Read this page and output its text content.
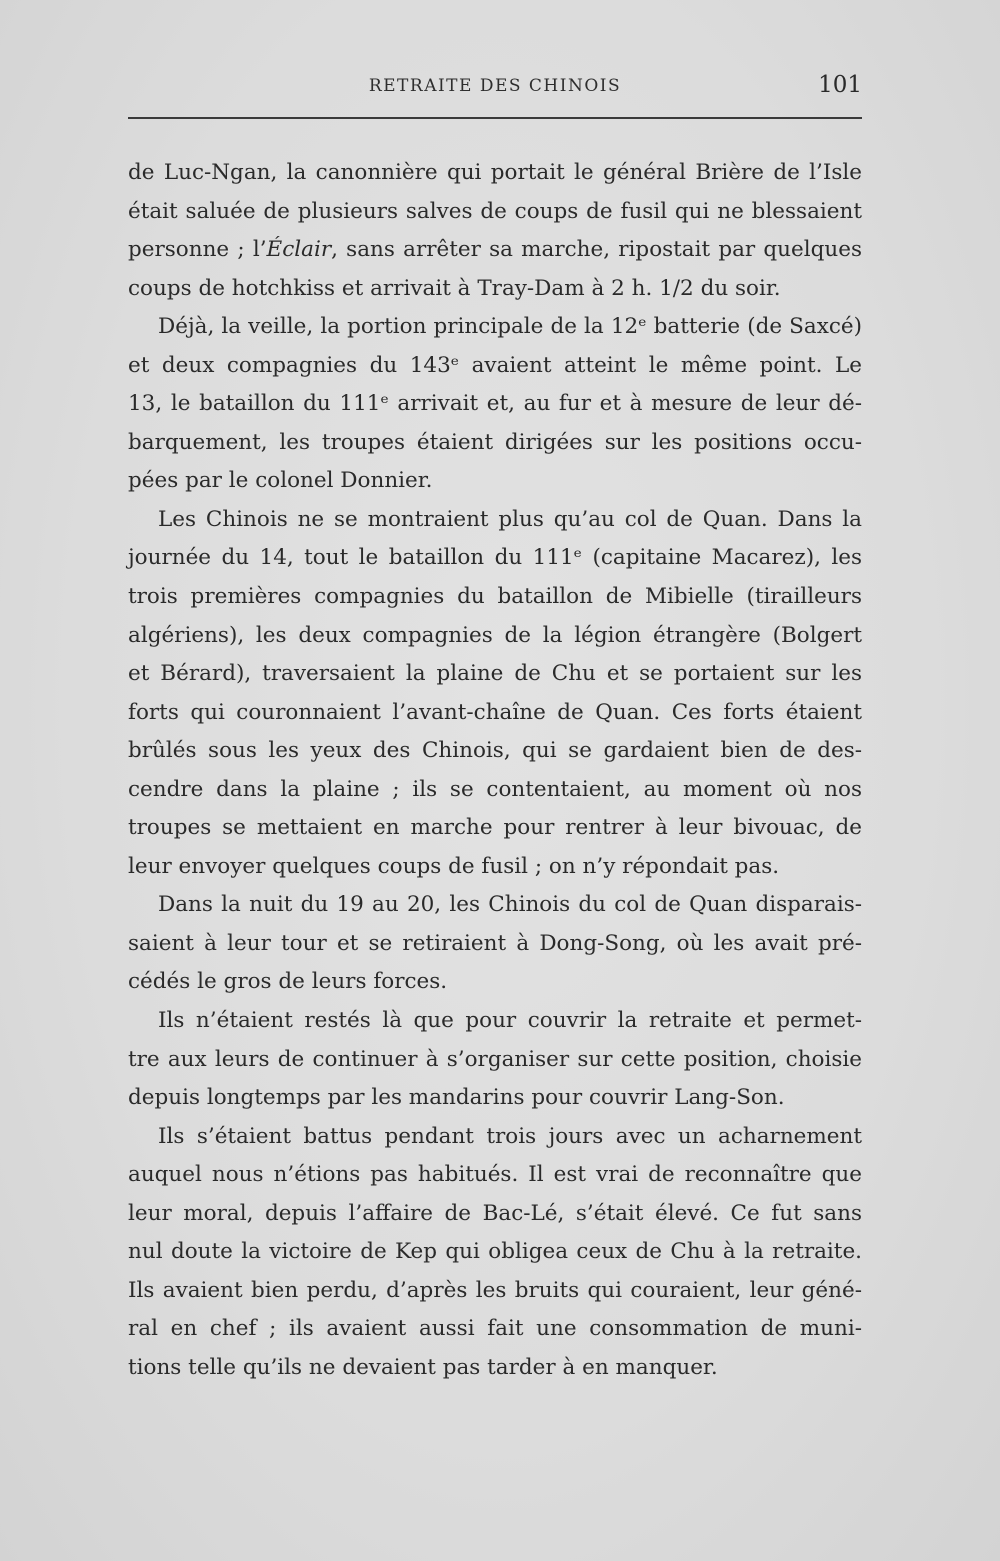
RETRAITE DES CHINOIS	101
de Luc-Ngan, la canonnière qui portait le général Brière de l’Isle
était saluée de plusieurs salves de coups de fusil qui ne blessaient
personne ; l’Éclair, sans arrêter sa marche, ripostait par quelques
coups de hotchkiss et arrivait à Tray-Dam à 2 h. 1/2 du soir.
Déjà, la veille, la portion principale de la 12ᵉ batterie (de Saxcé)
et deux compagnies du 143ᵉ avaient atteint le même point. Le
13, le bataillon du 111ᵉ arrivait et, au fur et à mesure de leur dé-
barquement, les troupes étaient dirigées sur les positions occu-
pées par le colonel Donnier.
Les Chinois ne se montraient plus qu’au col de Quan. Dans la
journée du 14, tout le bataillon du 111ᵉ (capitaine Macarez), les
trois premières compagnies du bataillon de Mibielle (tirailleurs
algériens), les deux compagnies de la légion étrangère (Bolgert
et Bérard), traversaient la plaine de Chu et se portaient sur les
forts qui couronnaient l’avant-chaîne de Quan. Ces forts étaient
brûlés sous les yeux des Chinois, qui se gardaient bien de des-
cendre dans la plaine ; ils se contentaient, au moment où nos
troupes se mettaient en marche pour rentrer à leur bivouac, de
leur envoyer quelques coups de fusil ; on n’y répondait pas.
Dans la nuit du 19 au 20, les Chinois du col de Quan disparais-
saient à leur tour et se retiraient à Dong-Song, où les avait pré-
cédés le gros de leurs forces.
Ils n’étaient restés là que pour couvrir la retraite et permet-
tre aux leurs de continuer à s’organiser sur cette position, choisie
depuis longtemps par les mandarins pour couvrir Lang-Son.
Ils s’étaient battus pendant trois jours avec un acharnement
auquel nous n’étions pas habitués. Il est vrai de reconnaître que
leur moral, depuis l’affaire de Bac-Lé, s’était élevé. Ce fut sans
nul doute la victoire de Kep qui obligea ceux de Chu à la retraite.
Ils avaient bien perdu, d’après les bruits qui couraient, leur géné-
ral en chef ; ils avaient aussi fait une consommation de muni-
tions telle qu’ils ne devaient pas tarder à en manquer.
